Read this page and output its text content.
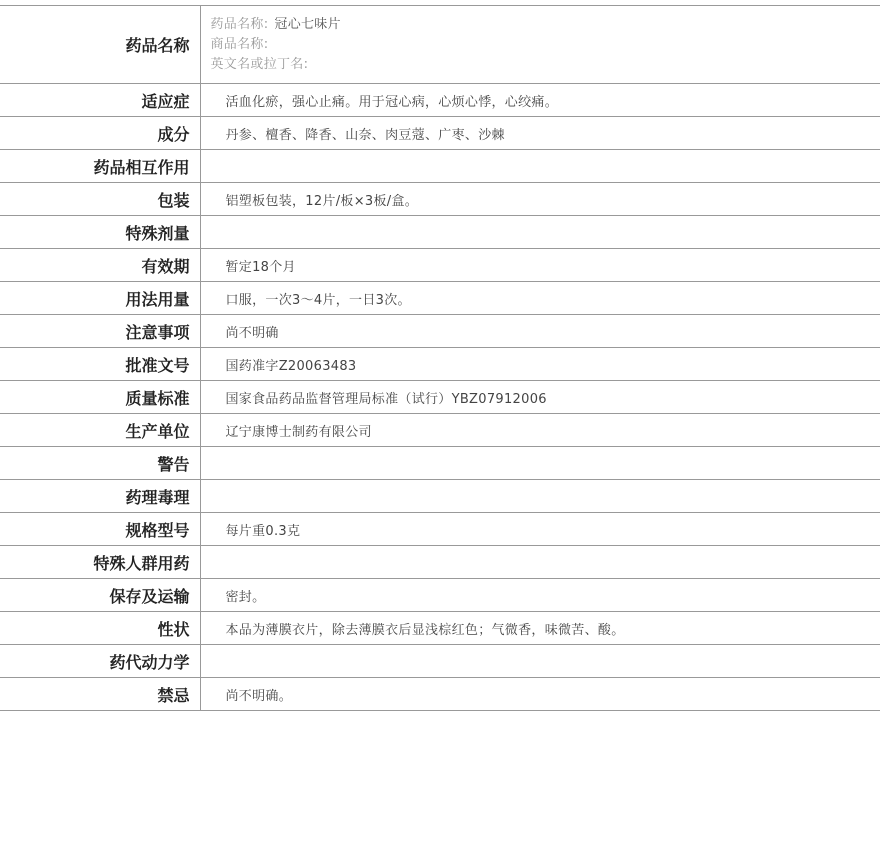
药品名称	药品名称: 冠心七味片
商品名称:
英文名或拉丁名:

适应症	活血化瘀，强心止痛。用于冠心病，心烦心悸，心绞痛。
成分	丹参、檀香、降香、山奈、肉豆蔻、广枣、沙棘
药品相互作用	
包装	铝塑板包装，12片/板×3板/盒。
特殊剂量	
有效期	暂定18个月
用法用量	口服，一次3～4片，一日3次。
注意事项	尚不明确
批准文号	国药准字Z20063483
质量标准	国家食品药品监督管理局标准（试行）YBZ07912006
生产单位	辽宁康博士制药有限公司
警告	
药理毒理	
规格型号	每片重0.3克
特殊人群用药	
保存及运输	密封。
性状	本品为薄膜衣片，除去薄膜衣后显浅棕红色；气微香，味微苦、酸。
药代动力学	
禁忌	尚不明确。
